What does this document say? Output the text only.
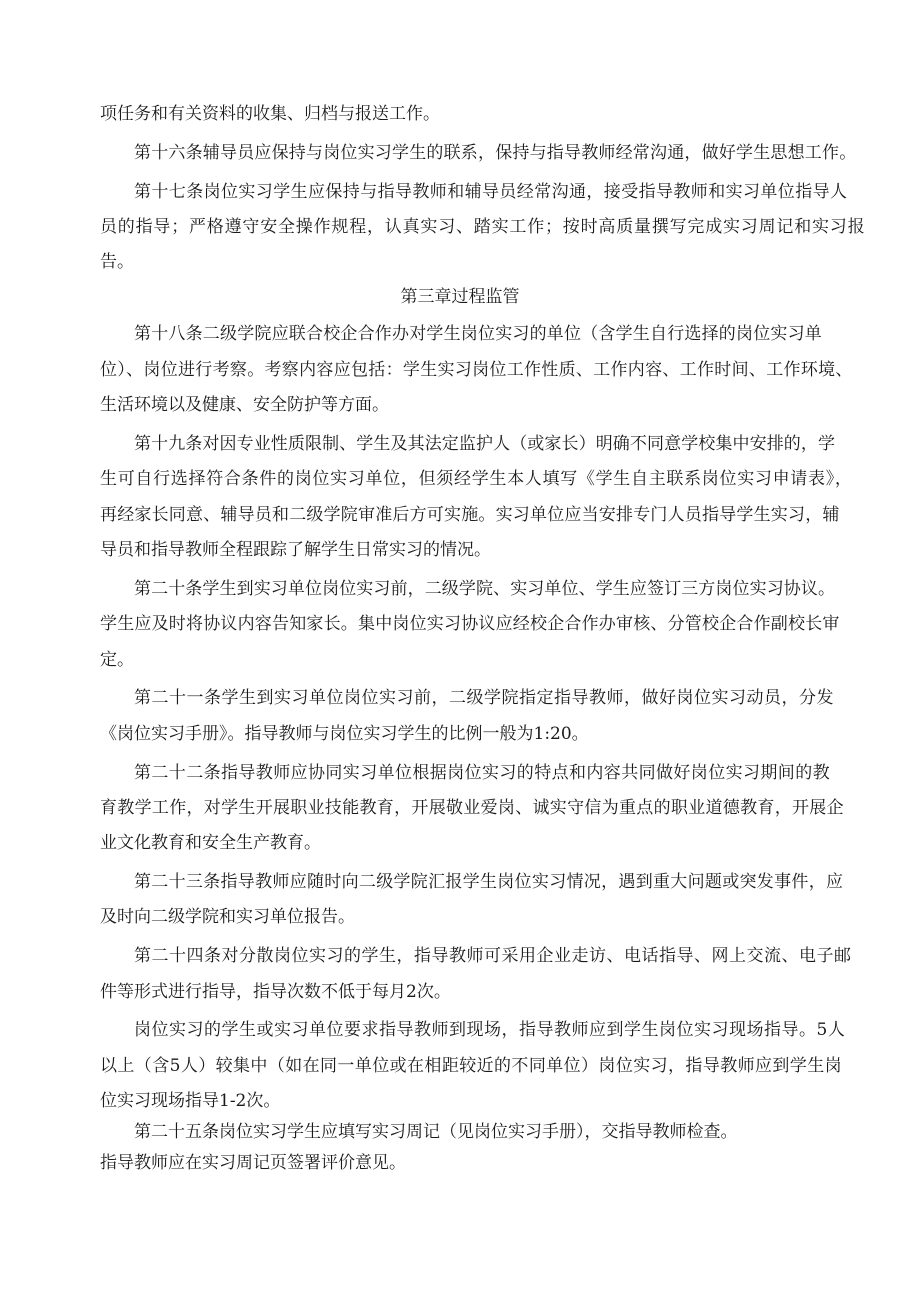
项任务和有关资料的收集、归档与报送工作。

第十六条辅导员应保持与岗位实习学生的联系，保持与指导教师经常沟通，做好学生思想工作。

第十七条岗位实习学生应保持与指导教师和辅导员经常沟通，接受指导教师和实习单位指导人

员的指导；严格遵守安全操作规程，认真实习、踏实工作；按时高质量撰写完成实习周记和实习报

告。

第三章过程监管

第十八条二级学院应联合校企合作办对学生岗位实习的单位（含学生自行选择的岗位实习单

位）、岗位进行考察。考察内容应包括：学生实习岗位工作性质、工作内容、工作时间、工作环境、

生活环境以及健康、安全防护等方面。

第十九条对因专业性质限制、学生及其法定监护人（或家长）明确不同意学校集中安排的，学

生可自行选择符合条件的岗位实习单位，但须经学生本人填写《学生自主联系岗位实习申请表》，

再经家长同意、辅导员和二级学院审准后方可实施。实习单位应当安排专门人员指导学生实习，辅

导员和指导教师全程跟踪了解学生日常实习的情况。

第二十条学生到实习单位岗位实习前，二级学院、实习单位、学生应签订三方岗位实习协议。

学生应及时将协议内容告知家长。集中岗位实习协议应经校企合作办审核、分管校企合作副校长审

定。

第二十一条学生到实习单位岗位实习前，二级学院指定指导教师，做好岗位实习动员，分发

《岗位实习手册》。指导教师与岗位实习学生的比例一般为1:20。

第二十二条指导教师应协同实习单位根据岗位实习的特点和内容共同做好岗位实习期间的教

育教学工作，对学生开展职业技能教育，开展敬业爱岗、诚实守信为重点的职业道德教育，开展企

业文化教育和安全生产教育。

第二十三条指导教师应随时向二级学院汇报学生岗位实习情况，遇到重大问题或突发事件，应

及时向二级学院和实习单位报告。

第二十四条对分散岗位实习的学生，指导教师可采用企业走访、电话指导、网上交流、电子邮

件等形式进行指导，指导次数不低于每月2次。

岗位实习的学生或实习单位要求指导教师到现场，指导教师应到学生岗位实习现场指导。5人

以上（含5人）较集中（如在同一单位或在相距较近的不同单位）岗位实习，指导教师应到学生岗

位实习现场指导1-2次。

第二十五条岗位实习学生应填写实习周记（见岗位实习手册），交指导教师检查。

指导教师应在实习周记页签署评价意见。
